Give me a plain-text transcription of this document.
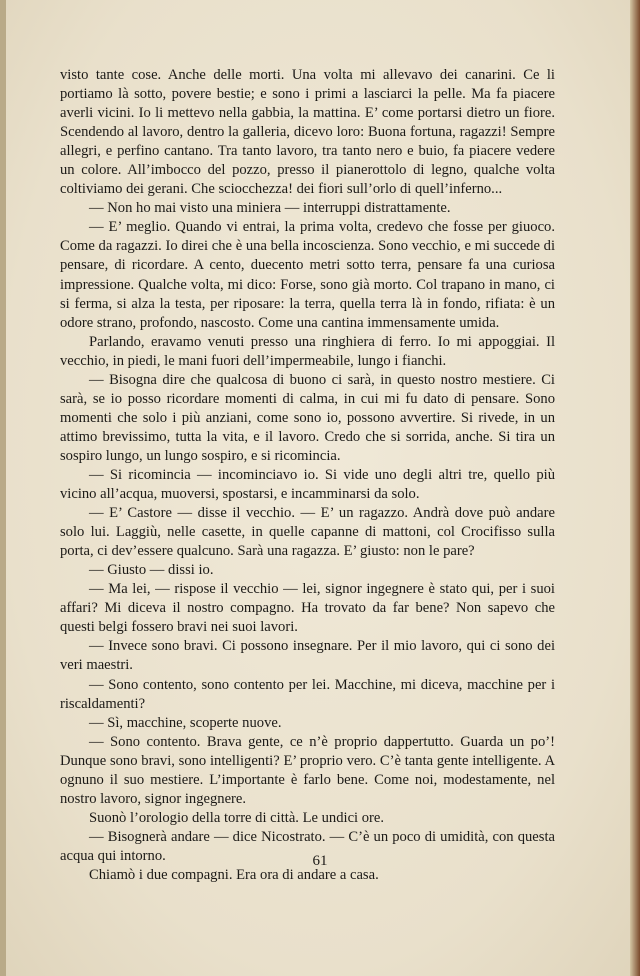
visto tante cose. Anche delle morti. Una volta mi allevavo dei canarini. Ce li portiamo là sotto, povere bestie; e sono i primi a lasciarci la pelle. Ma fa piacere averli vicini. Io li mettevo nella gabbia, la mattina. E’ come portarsi dietro un fiore. Scendendo al lavoro, dentro la galleria, dicevo loro: Buona fortuna, ragazzi! Sempre allegri, e perfino cantano. Tra tanto lavoro, tra tanto nero e buio, fa piacere vedere un colore. All’imbocco del pozzo, presso il pianerottolo di legno, qualche volta coltiviamo dei gerani. Che sciocchezza! dei fiori sull’orlo di quell’inferno...

— Non ho mai visto una miniera — interruppi distrattamente.

— E’ meglio. Quando vi entrai, la prima volta, credevo che fosse per giuoco. Come da ragazzi. Io direi che è una bella incoscienza. Sono vecchio, e mi succede di pensare, di ricordare. A cento, duecento metri sotto terra, pensare fa una curiosa impressione. Qualche volta, mi dico: Forse, sono già morto. Col trapano in mano, ci si ferma, si alza la testa, per riposare: la terra, quella terra là in fondo, rifiata: è un odore strano, profondo, nascosto. Come una cantina immensamente umida.

Parlando, eravamo venuti presso una ringhiera di ferro. Io mi appoggiai. Il vecchio, in piedi, le mani fuori dell’impermeabile, lungo i fianchi.

— Bisogna dire che qualcosa di buono ci sarà, in questo nostro mestiere. Ci sarà, se io posso ricordare momenti di calma, in cui mi fu dato di pensare. Sono momenti che solo i più anziani, come sono io, possono avvertire. Si rivede, in un attimo brevissimo, tutta la vita, e il lavoro. Credo che si sorrida, anche. Si tira un sospiro lungo, un lungo sospiro, e si ricomincia.

— Si ricomincia — incominciavo io. Si vide uno degli altri tre, quello più vicino all’acqua, muoversi, spostarsi, e incamminarsi da solo.

— E’ Castore — disse il vecchio. — E’ un ragazzo. Andrà dove può andare solo lui. Laggiù, nelle casette, in quelle capanne di mattoni, col Crocifisso sulla porta, ci dev’essere qualcuno. Sarà una ragazza. E’ giusto: non le pare?

— Giusto — dissi io.

— Ma lei, — rispose il vecchio — lei, signor ingegnere è stato qui, per i suoi affari? Mi diceva il nostro compagno. Ha trovato da far bene? Non sapevo che questi belgi fossero bravi nei suoi lavori.

— Invece sono bravi. Ci possono insegnare. Per il mio lavoro, qui ci sono dei veri maestri.

— Sono contento, sono contento per lei. Macchine, mi diceva, macchine per i riscaldamenti?

— Sì, macchine, scoperte nuove.

— Sono contento. Brava gente, ce n’è proprio dappertutto. Guarda un po’! Dunque sono bravi, sono intelligenti? E’ proprio vero. C’è tanta gente intelligente. A ognuno il suo mestiere. L’importante è farlo bene. Come noi, modestamente, nel nostro lavoro, signor ingegnere.

Suonò l’orologio della torre di città. Le undici ore.

— Bisognerà andare — dice Nicostrato. — C’è un poco di umidità, con questa acqua qui intorno.

Chiamò i due compagni. Era ora di andare a casa.

61
